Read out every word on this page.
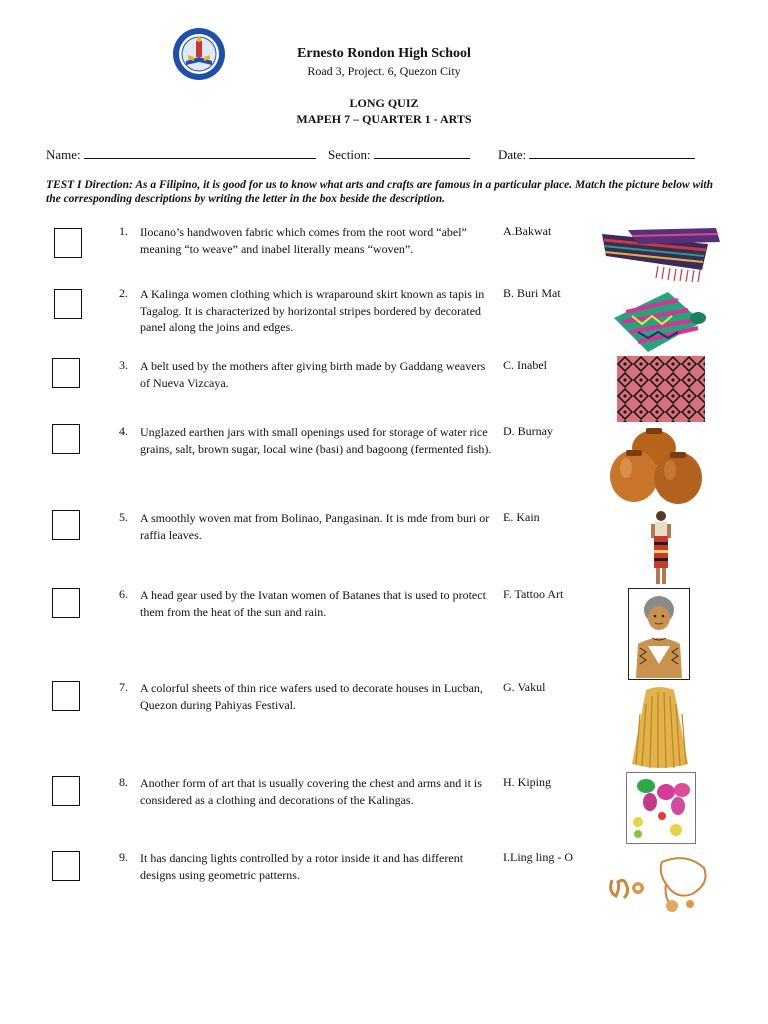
Ernesto Rondon High School
Road 3, Project. 6, Quezon City
LONG QUIZ
MAPEH 7 – QUARTER 1 - ARTS
Name:	Section:	Date:
TEST I Direction: As a Filipino, it is good for us to know what arts and crafts are famous in a particular place. Match the picture below with the corresponding descriptions by writing the letter in the box beside the description.
1. Ilocano’s handwoven fabric which comes from the root word “abel” meaning “to weave” and inabel literally means “woven”.
A.Bakwat
2. A Kalinga women clothing which is wraparound skirt known as tapis in Tagalog. It is characterized by horizontal stripes bordered by decorated panel along the joins and edges.
B. Buri Mat
3. A belt used by the mothers after giving birth made by Gaddang weavers of Nueva Vizcaya.
C. Inabel
4. Unglazed earthen jars with small openings used for storage of water rice grains, salt, brown sugar, local wine (basi) and bagoong (fermented fish).
D. Burnay
5. A smoothly woven mat from Bolinao, Pangasinan. It is mde from buri or raffia leaves.
E. Kain
6. A head gear used by the Ivatan women of Batanes that is used to protect them from the heat of the sun and rain.
F. Tattoo Art
7. A colorful sheets of thin rice wafers used to decorate houses in Lucban, Quezon during Pahiyas Festival.
G. Vakul
8. Another form of art that is usually covering the chest and arms and it is considered as a clothing and decorations of the Kalingas.
H. Kiping
9. It has dancing lights controlled by a rotor inside it and has different designs using geometric patterns.
I.Ling ling - O
